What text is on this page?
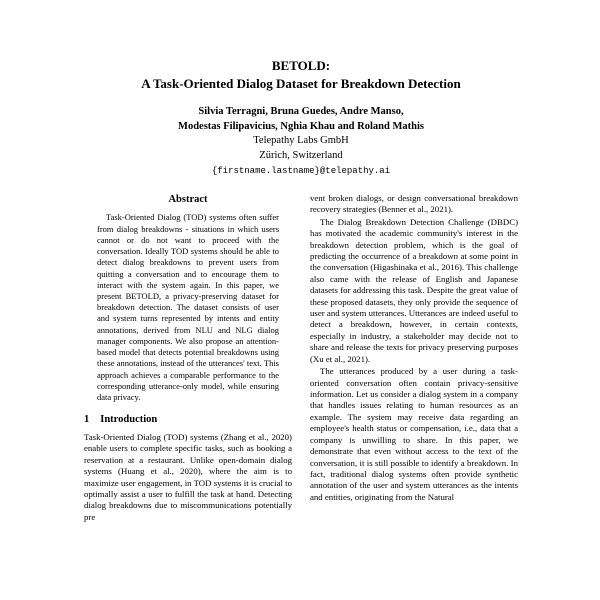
BETOLD:
A Task-Oriented Dialog Dataset for Breakdown Detection
Silvia Terragni, Bruna Guedes, Andre Manso,
Modestas Filipavicius, Nghia Khau and Roland Mathis
Telepathy Labs GmbH
Zürich, Switzerland
{firstname.lastname}@telepathy.ai
Abstract

Task-Oriented Dialog (TOD) systems often suffer from dialog breakdowns - situations in which users cannot or do not want to proceed with the conversation. Ideally TOD systems should be able to detect dialog breakdowns to prevent users from quitting a conversation and to encourage them to interact with the system again. In this paper, we present BETOLD, a privacy-preserving dataset for breakdown detection. The dataset consists of user and system turns represented by intents and entity annotations, derived from NLU and NLG dialog manager components. We also propose an attention-based model that detects potential breakdowns using these annotations, instead of the utterances' text. This approach achieves a comparable performance to the corresponding utterance-only model, while ensuring data privacy.

1 Introduction

Task-Oriented Dialog (TOD) systems (Zhang et al., 2020) enable users to complete specific tasks, such as booking a reservation at a restaurant. Unlike open-domain dialog systems (Huang et al., 2020), where the aim is to maximize user engagement, in TOD systems it is crucial to optimally assist a user to fulfill the task at hand. Detecting dialog breakdowns due to miscommunications potentially pre

vent broken dialogs, or design conversational breakdown recovery strategies (Benner et al., 2021).

The Dialog Breakdown Detection Challenge (DBDC) has motivated the academic community's interest in the breakdown detection problem, which is the goal of predicting the occurrence of a breakdown at some point in the conversation (Higashinaka et al., 2016). This challenge also came with the release of English and Japanese datasets for addressing this task. Despite the great value of these proposed datasets, they only provide the sequence of user and system utterances. Utterances are indeed useful to detect a breakdown, however, in certain contexts, especially in industry, a stakeholder may decide not to share and release the texts for privacy preserving purposes (Xu et al., 2021).

The utterances produced by a user during a task-oriented conversation often contain privacy-sensitive information. Let us consider a dialog system in a company that handles issues relating to human resources as an example. The system may receive data regarding an employee's health status or compensation, i.e., data that a company is unwilling to share. In this paper, we demonstrate that even without access to the text of the conversation, it is still possible to identify a breakdown. In fact, traditional dialog systems often provide synthetic annotation of the user and system utterances as the intents and entities, originating from the Natural
